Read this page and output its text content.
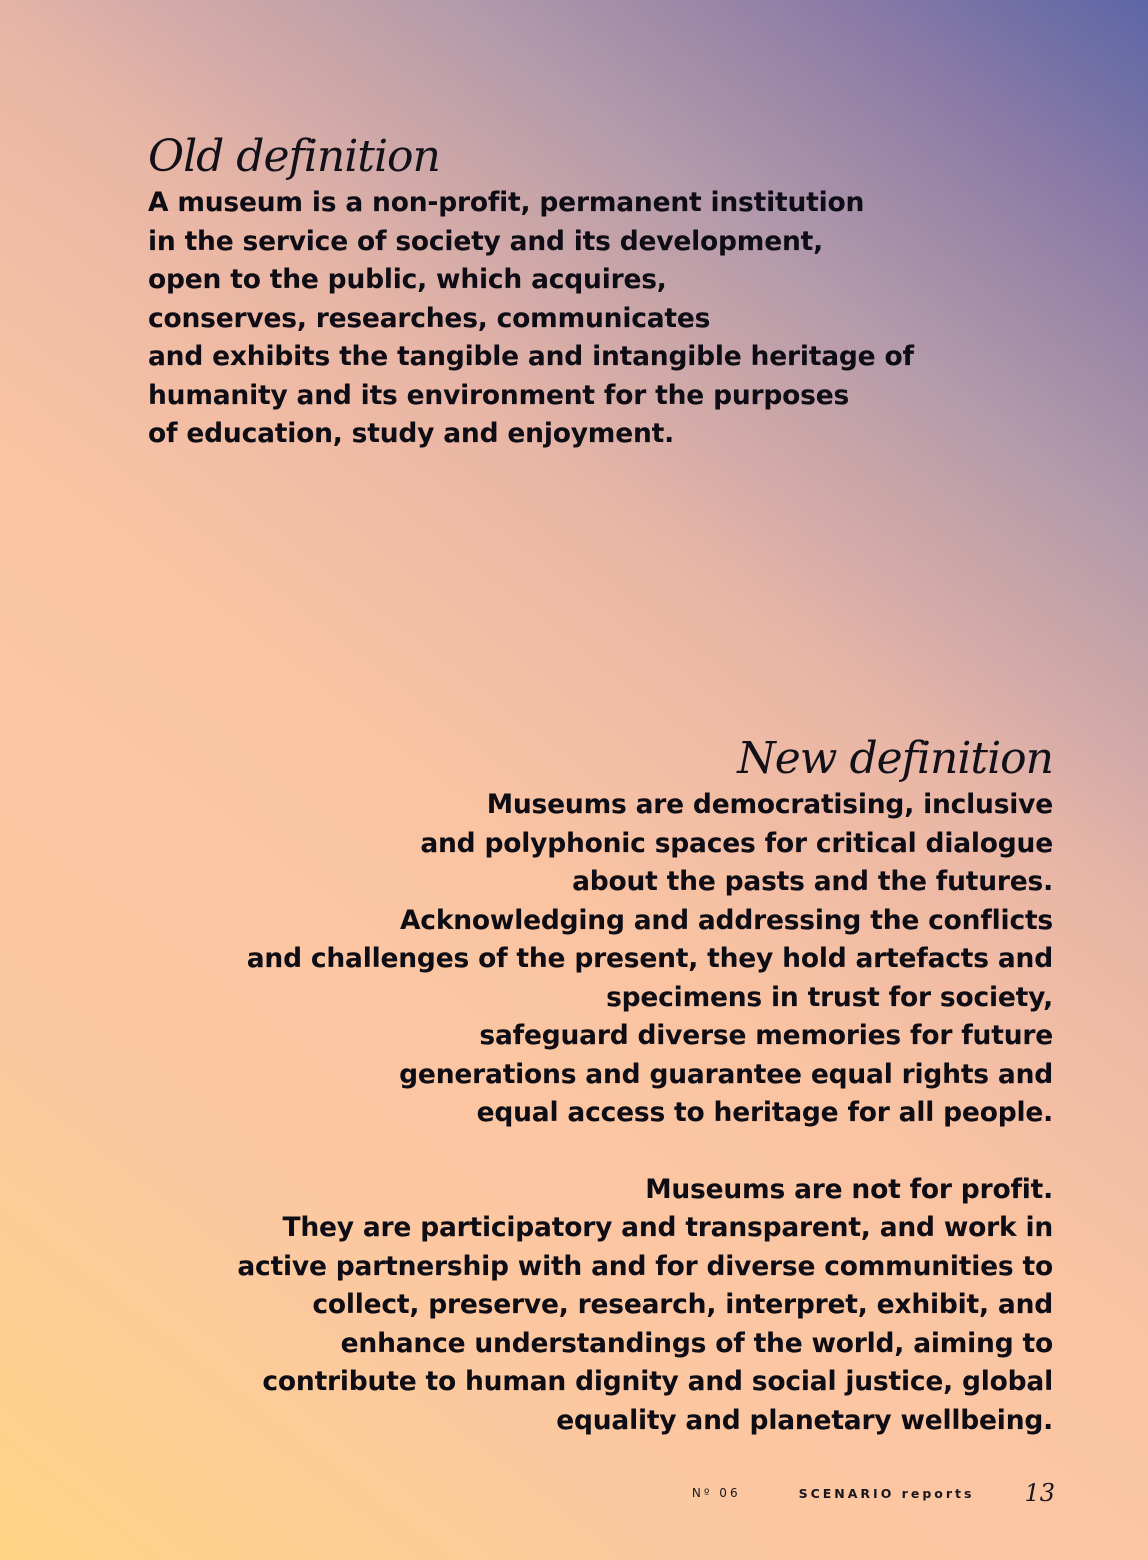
Old definition

A museum is a non-profit, permanent institution
in the service of society and its development,
open to the public, which acquires,
conserves, researches, communicates
and exhibits the tangible and intangible heritage of
humanity and its environment for the purposes
of education, study and enjoyment.

New definition

Museums are democratising, inclusive
and polyphonic spaces for critical dialogue
about the pasts and the futures.
Acknowledging and addressing the conflicts
and challenges of the present, they hold artefacts and
specimens in trust for society,
safeguard diverse memories for future
generations and guarantee equal rights and
equal access to heritage for all people.

Museums are not for profit.
They are participatory and transparent, and work in
active partnership with and for diverse communities to
collect, preserve, research, interpret, exhibit, and
enhance understandings of the world, aiming to
contribute to human dignity and social justice, global
equality and planetary wellbeing.

Nº 06	SCENARIO reports 13
